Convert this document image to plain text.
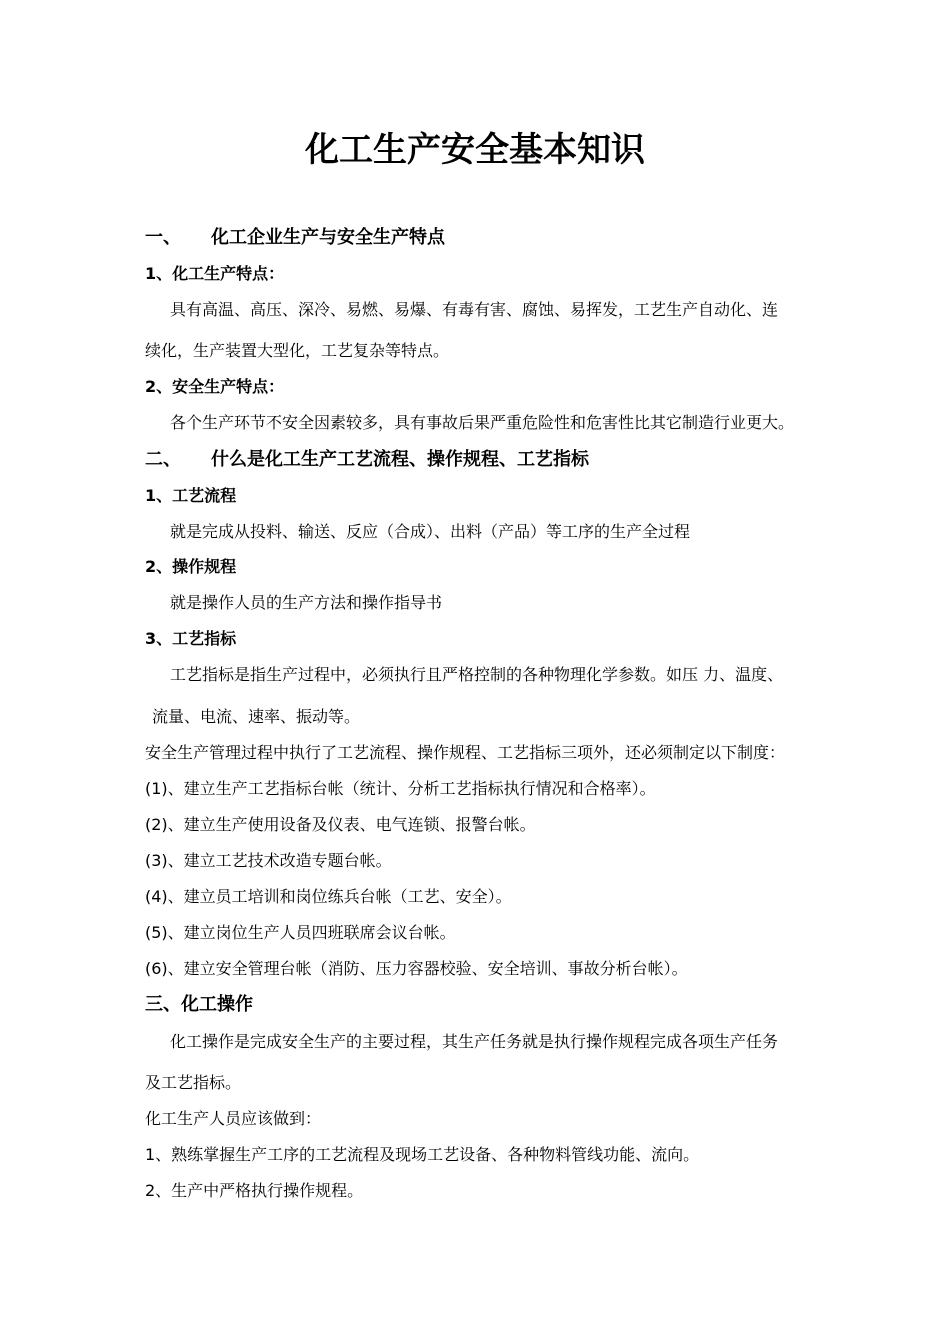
化工生产安全基本知识
一、 化工企业生产与安全生产特点
1、化工生产特点：
具有高温、高压、深冷、易燃、易爆、有毒有害、腐蚀、易挥发，工艺生产自动化、连
续化，生产装置大型化，工艺复杂等特点。
2、安全生产特点：
各个生产环节不安全因素较多，具有事故后果严重危险性和危害性比其它制造行业更大。
二、 什么是化工生产工艺流程、操作规程、工艺指标
1、工艺流程
就是完成从投料、输送、反应（合成）、出料（产品）等工序的生产全过程
2、操作规程
就是操作人员的生产方法和操作指导书
3、工艺指标
工艺指标是指生产过程中，必须执行且严格控制的各种物理化学参数。如压 力、温度、
流量、电流、速率、振动等。
安全生产管理过程中执行了工艺流程、操作规程、工艺指标三项外，还必须制定以下制度：
(1)、建立生产工艺指标台帐（统计、分析工艺指标执行情况和合格率）。
(2)、建立生产使用设备及仪表、电气连锁、报警台帐。
(3)、建立工艺技术改造专题台帐。
(4)、建立员工培训和岗位练兵台帐（工艺、安全）。
(5)、建立岗位生产人员四班联席会议台帐。
(6)、建立安全管理台帐（消防、压力容器校验、安全培训、事故分析台帐）。
三、化工操作
化工操作是完成安全生产的主要过程，其生产任务就是执行操作规程完成各项生产任务
及工艺指标。
化工生产人员应该做到：
1、熟练掌握生产工序的工艺流程及现场工艺设备、各种物料管线功能、流向。
2、生产中严格执行操作规程。
